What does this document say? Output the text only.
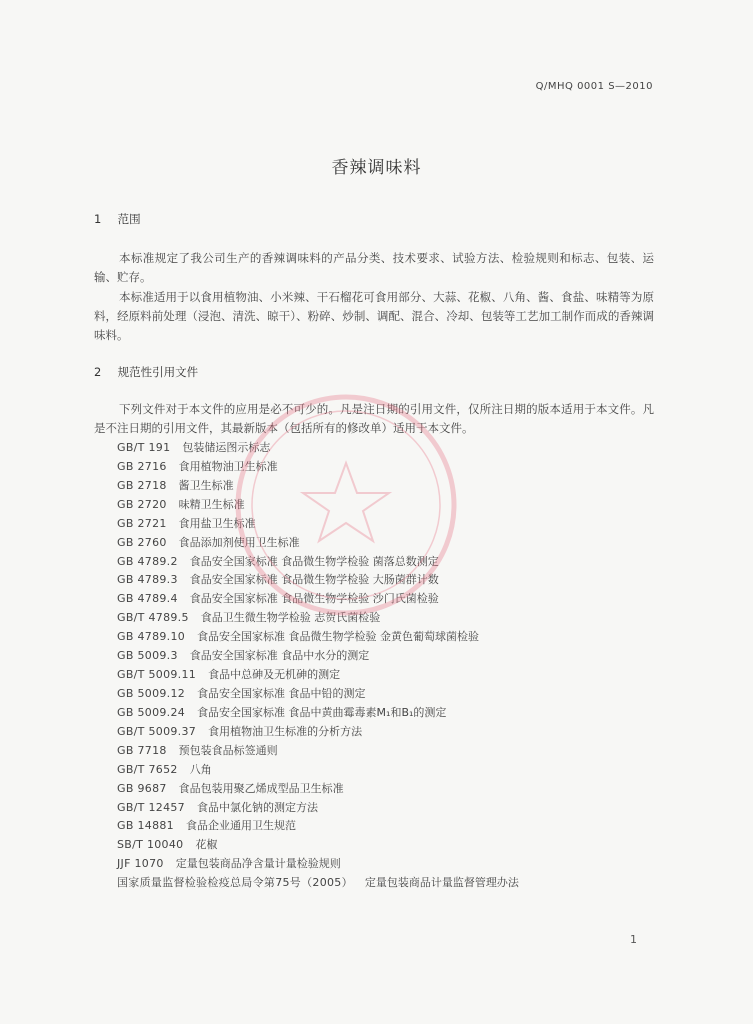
Q/MHQ 0001 S—2010
香辣调味料
1 范围
本标准规定了我公司生产的香辣调味料的产品分类、技术要求、试验方法、检验规则和标志、包装、运输、贮存。
本标准适用于以食用植物油、小米辣、干石榴花可食用部分、大蒜、花椒、八角、酱、食盐、味精等为原料，经原料前处理（浸泡、清洗、晾干）、粉碎、炒制、调配、混合、冷却、包装等工艺加工制作而成的香辣调味料。
2 规范性引用文件
下列文件对于本文件的应用是必不可少的。凡是注日期的引用文件，仅所注日期的版本适用于本文件。凡是不注日期的引用文件，其最新版本（包括所有的修改单）适用于本文件。
GB/T 191 包装储运图示标志
GB 2716 食用植物油卫生标准
GB 2718 酱卫生标准
GB 2720 味精卫生标准
GB 2721 食用盐卫生标准
GB 2760 食品添加剂使用卫生标准
GB 4789.2 食品安全国家标准 食品微生物学检验 菌落总数测定
GB 4789.3 食品安全国家标准 食品微生物学检验 大肠菌群计数
GB 4789.4 食品安全国家标准 食品微生物学检验 沙门氏菌检验
GB/T 4789.5 食品卫生微生物学检验 志贺氏菌检验
GB 4789.10 食品安全国家标准 食品微生物学检验 金黄色葡萄球菌检验
GB 5009.3 食品安全国家标准 食品中水分的测定
GB/T 5009.11 食品中总砷及无机砷的测定
GB 5009.12 食品安全国家标准 食品中铅的测定
GB 5009.24 食品安全国家标准 食品中黄曲霉毒素M₁和B₁的测定
GB/T 5009.37 食用植物油卫生标准的分析方法
GB 7718 预包装食品标签通则
GB/T 7652 八角
GB 9687 食品包装用聚乙烯成型品卫生标准
GB/T 12457 食品中氯化钠的测定方法
GB 14881 食品企业通用卫生规范
SB/T 10040 花椒
JJF 1070 定量包装商品净含量计量检验规则
国家质量监督检验检疫总局令第75号（2005） 定量包装商品计量监督管理办法
1
